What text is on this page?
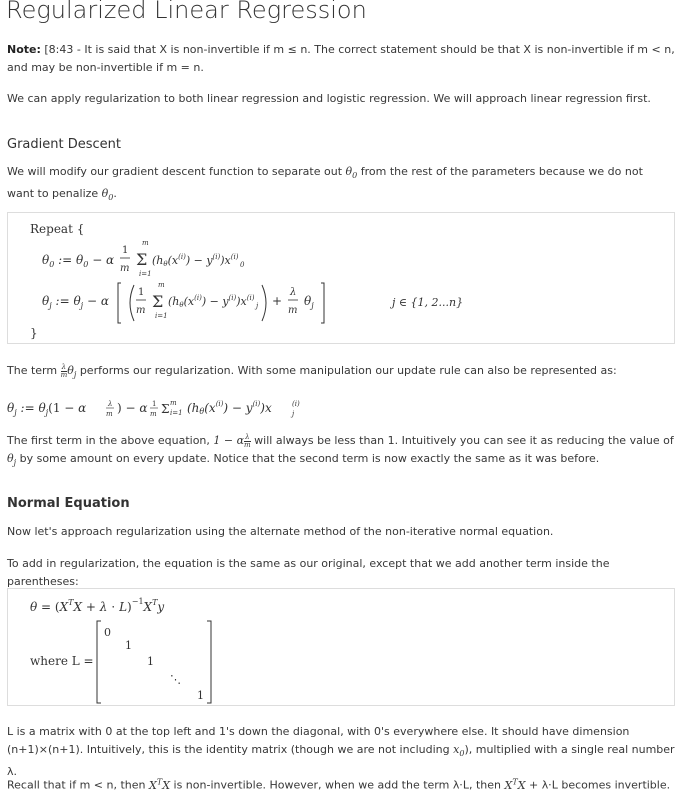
Regularized Linear Regression
Note: [8:43 - It is said that X is non-invertible if m ≤ n. The correct statement should be that X is non-invertible if m < n, and may be non-invertible if m = n.
We can apply regularization to both linear regression and logistic regression. We will approach linear regression first.
Gradient Descent
We will modify our gradient descent function to separate out $\theta_0$ from the rest of the parameters because we do not want to penalize $\theta_0$.
Repeat {
$\theta_0$ := $\theta_0 - \alpha$
1
m
m
Σ
i=1
$(h\theta(x^{(i)}) - y^{(i)})x^{(i)}$
0
$\theta_j$ := $\theta_j - \alpha$
1
m
m
Σ
i=1
$(h\theta(x^{(i)}) - y^{(i)})x^{(i)}$
j +
λ
m
$\theta_j$	j ∈ {1, 2...n}
}
The term $\frac{\lambda}{m} \theta_j$ performs our regularization. With some manipulation our update rule can also be represented as:
$\theta_j$ := $\theta_j(1 - \alpha$	λ
m ) − α 1
m Σ m
i=1 $(h\theta(x^{(i)}) - y^{(i)})x$	(i)
j
The first term in the above equation, 1 − α $\frac{\lambda}{m}$ will always be less than 1. Intuitively you can see it as reducing the value of $\theta_j$ by some amount on every update. Notice that the second term is now exactly the same as it was before.
Normal Equation
Now let's approach regularization using the alternate method of the non-iterative normal equation.
To add in regularization, the equation is the same as our original, except that we add another term inside the parentheses:
$\theta = (X^TX + \lambda \cdot L)^{-1}X^Ty$
where L =
0
1
1
⋱
1
L is a matrix with 0 at the top left and 1's down the diagonal, with 0's everywhere else. It should have dimension (n+1)×(n+1). Intuitively, this is the identity matrix (though we are not including $x_0$), multiplied with a single real number λ.
Recall that if m < n, then $X^TX$ is non-invertible. However, when we add the term λ⋅L, then $X^TX + \lambda\cdot L$ becomes invertible.
